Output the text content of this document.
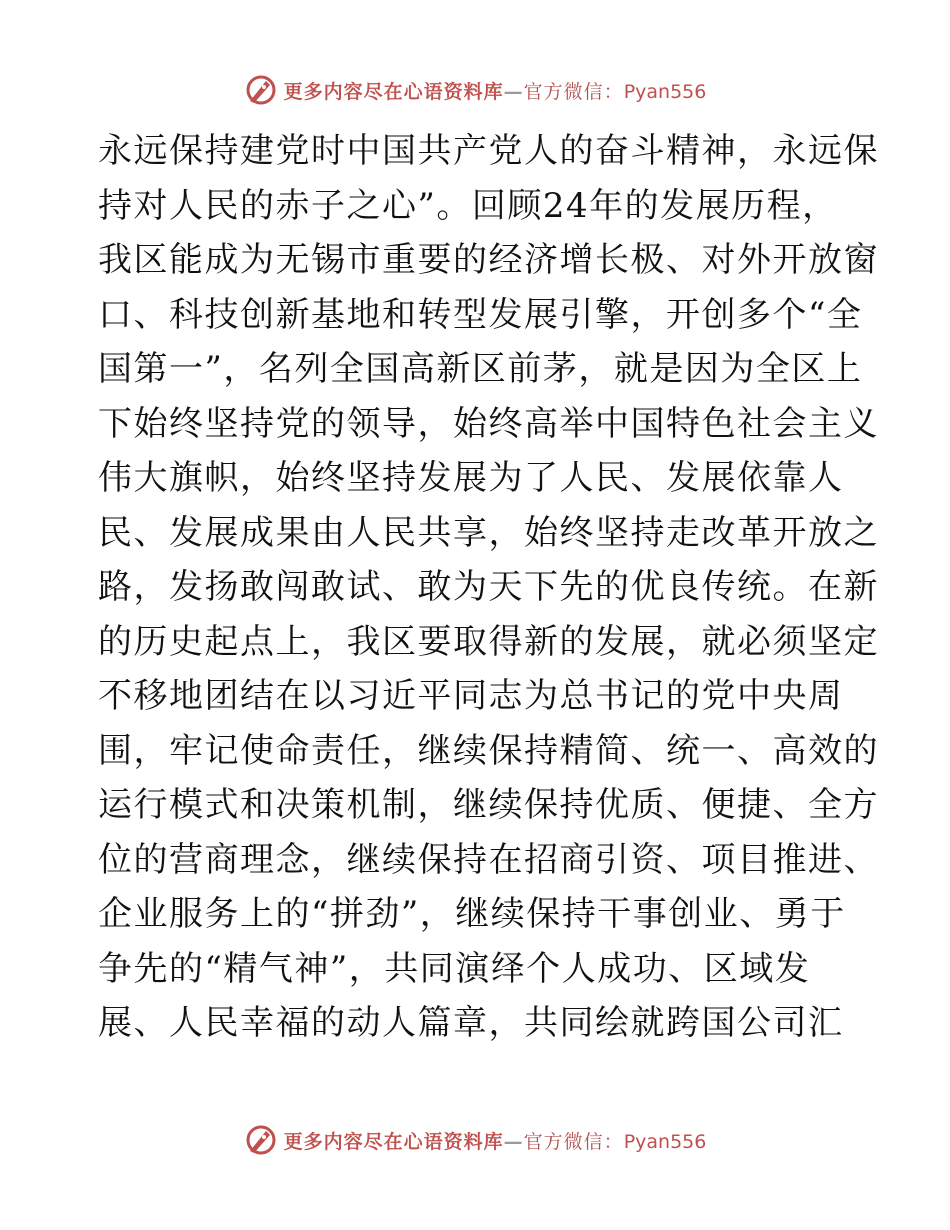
更多内容尽在心语资料库—官方微信：Pyan556
永远保持建党时中国共产党人的奋斗精神，永远保
持对人民的赤子之心”。回顾24年的发展历程，
我区能成为无锡市重要的经济增长极、对外开放窗
口、科技创新基地和转型发展引擎，开创多个“全
国第一”，名列全国高新区前茅，就是因为全区上
下始终坚持党的领导，始终高举中国特色社会主义
伟大旗帜，始终坚持发展为了人民、发展依靠人
民、发展成果由人民共享，始终坚持走改革开放之
路，发扬敢闯敢试、敢为天下先的优良传统。在新
的历史起点上，我区要取得新的发展，就必须坚定
不移地团结在以习近平同志为总书记的党中央周
围，牢记使命责任，继续保持精简、统一、高效的
运行模式和决策机制，继续保持优质、便捷、全方
位的营商理念，继续保持在招商引资、项目推进、
企业服务上的“拼劲”，继续保持干事创业、勇于
争先的“精气神”，共同演绎个人成功、区域发
展、人民幸福的动人篇章，共同绘就跨国公司汇
更多内容尽在心语资料库—官方微信：Pyan556
